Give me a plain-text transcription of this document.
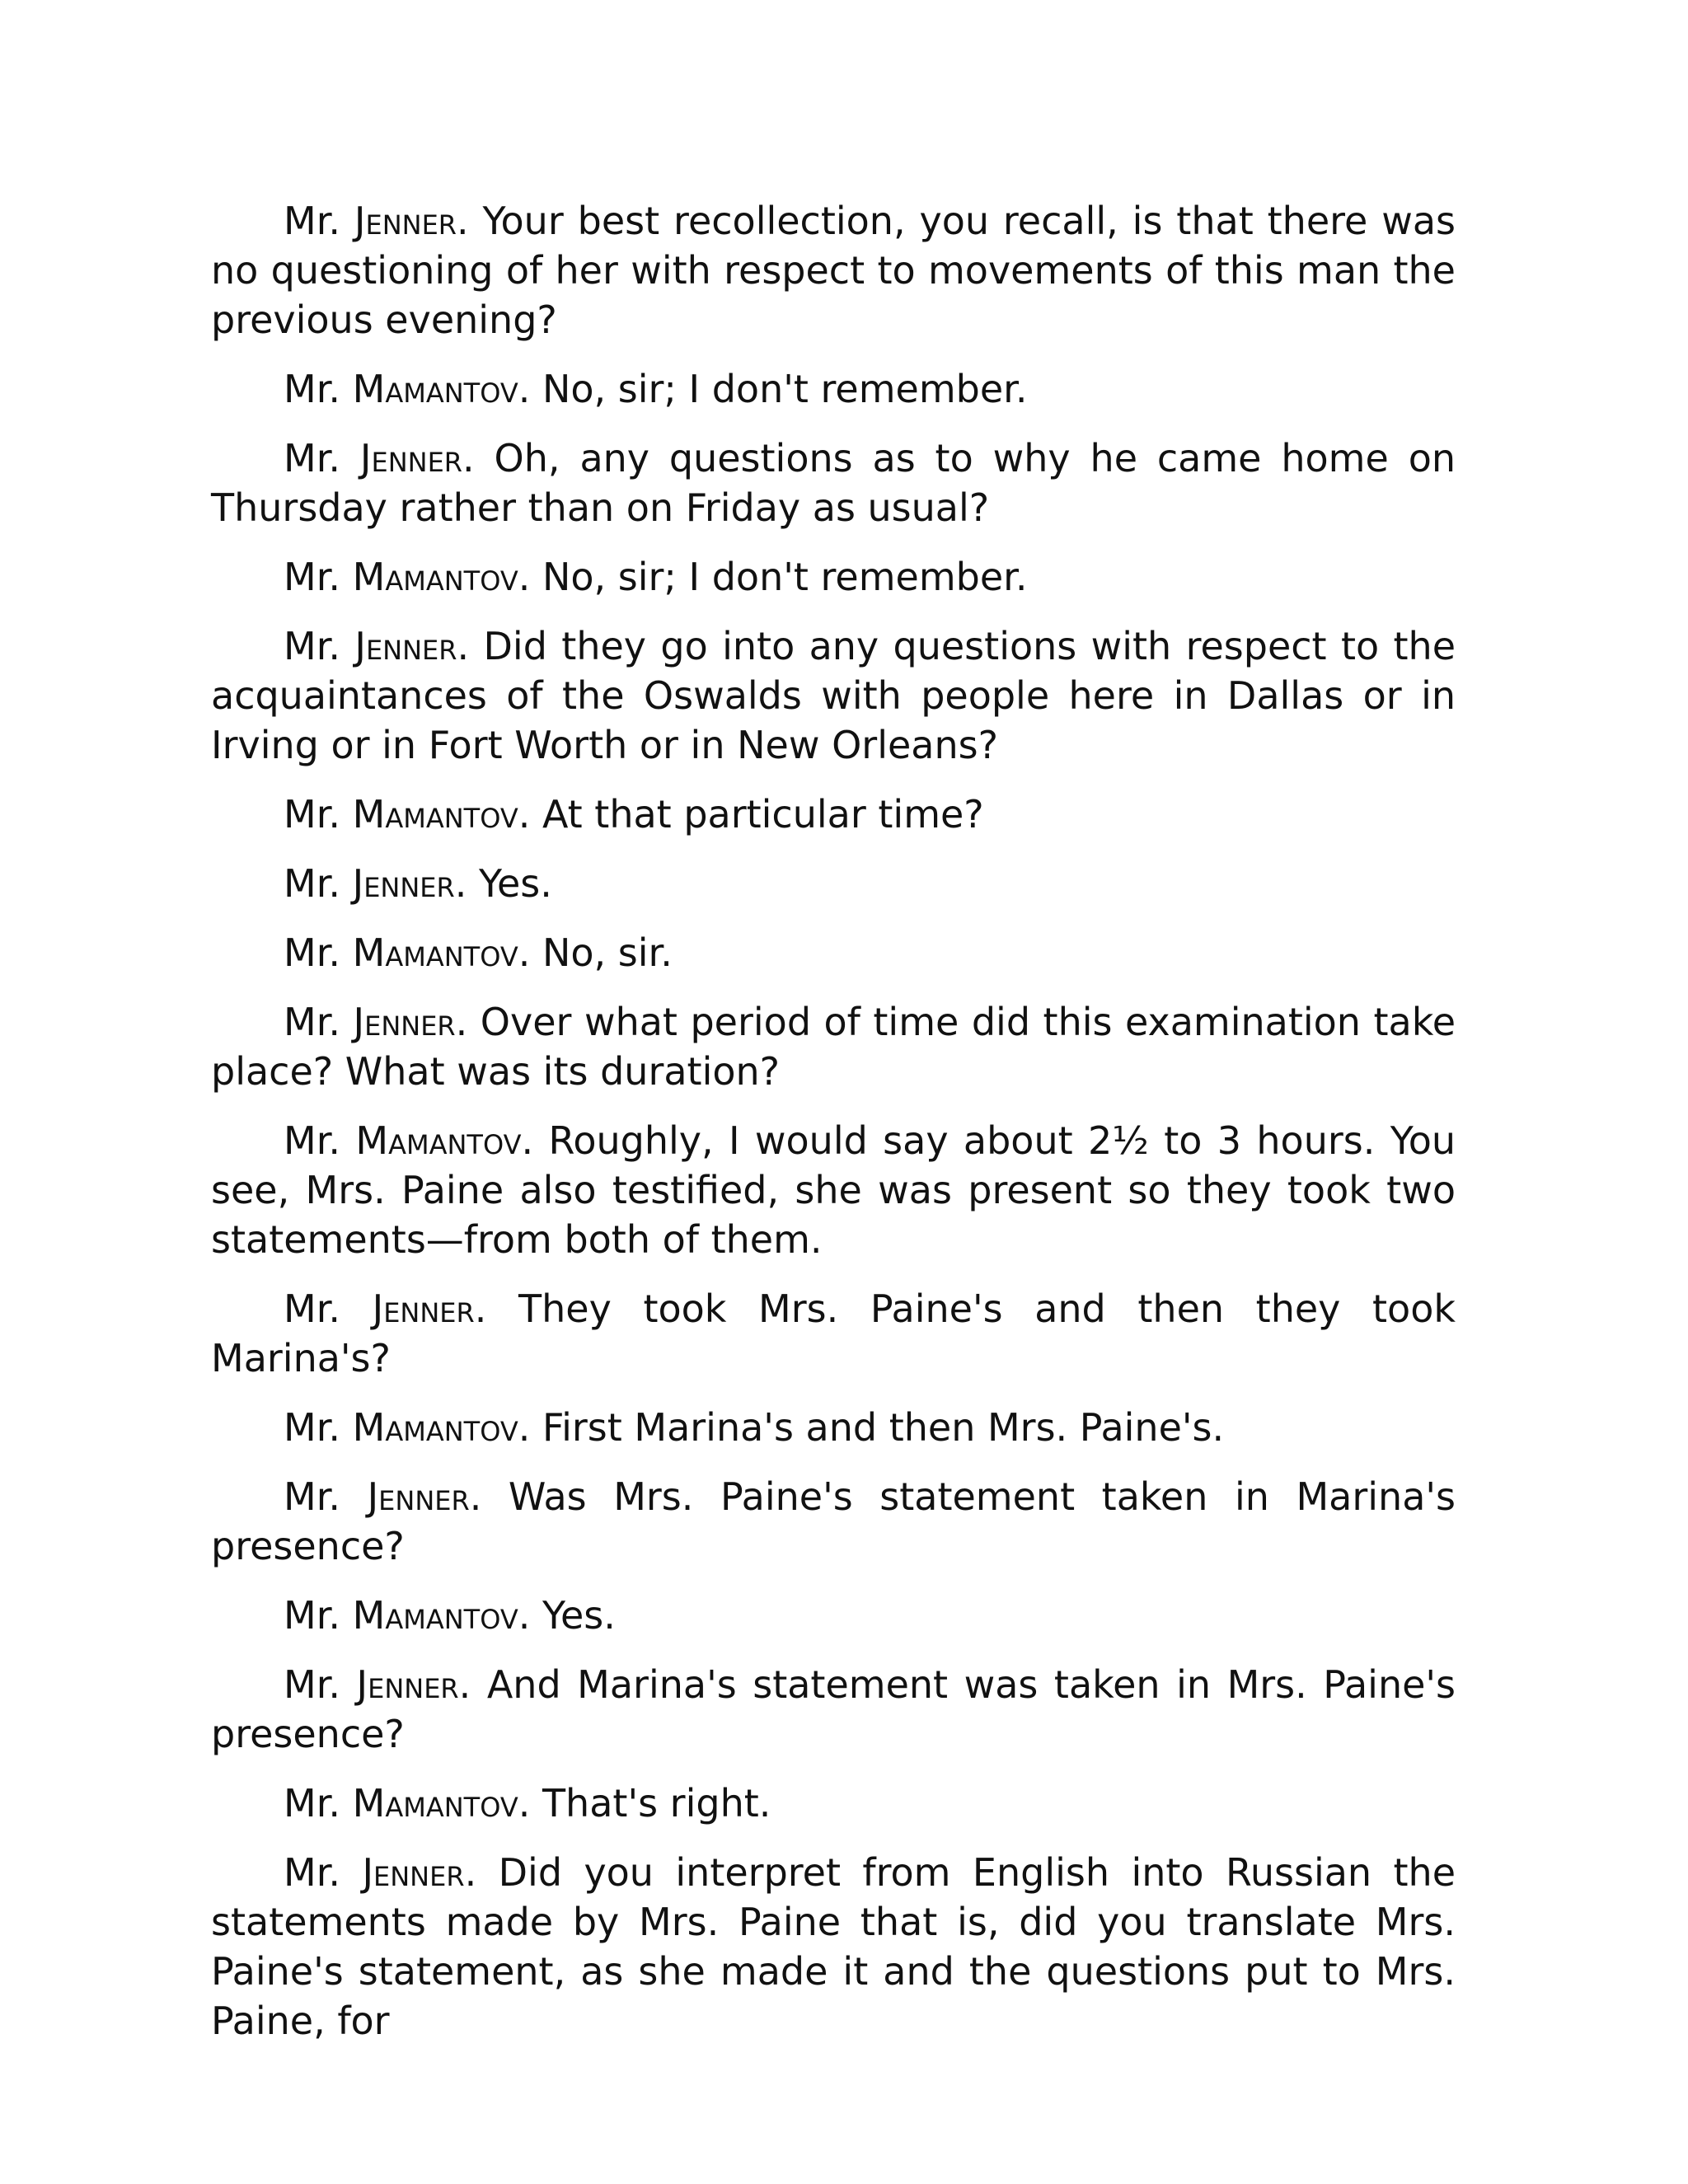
Mr. Jenner. Your best recollection, you recall, is that there was no questioning of her with respect to movements of this man the previous evening?

Mr. Mamantov. No, sir; I don't remember.

Mr. Jenner. Oh, any questions as to why he came home on Thursday rather than on Friday as usual?

Mr. Mamantov. No, sir; I don't remember.

Mr. Jenner. Did they go into any questions with respect to the acquaintances of the Oswalds with people here in Dallas or in Irving or in Fort Worth or in New Orleans?

Mr. Mamantov. At that particular time?

Mr. Jenner. Yes.

Mr. Mamantov. No, sir.

Mr. Jenner. Over what period of time did this examination take place? What was its duration?

Mr. Mamantov. Roughly, I would say about 2½ to 3 hours. You see, Mrs. Paine also testified, she was present so they took two statements—from both of them.

Mr. Jenner. They took Mrs. Paine's and then they took Marina's?

Mr. Mamantov. First Marina's and then Mrs. Paine's.

Mr. Jenner. Was Mrs. Paine's statement taken in Marina's presence?

Mr. Mamantov. Yes.

Mr. Jenner. And Marina's statement was taken in Mrs. Paine's presence?

Mr. Mamantov. That's right.

Mr. Jenner. Did you interpret from English into Russian the statements made by Mrs. Paine that is, did you translate Mrs. Paine's statement, as she made it and the questions put to Mrs. Paine, for
